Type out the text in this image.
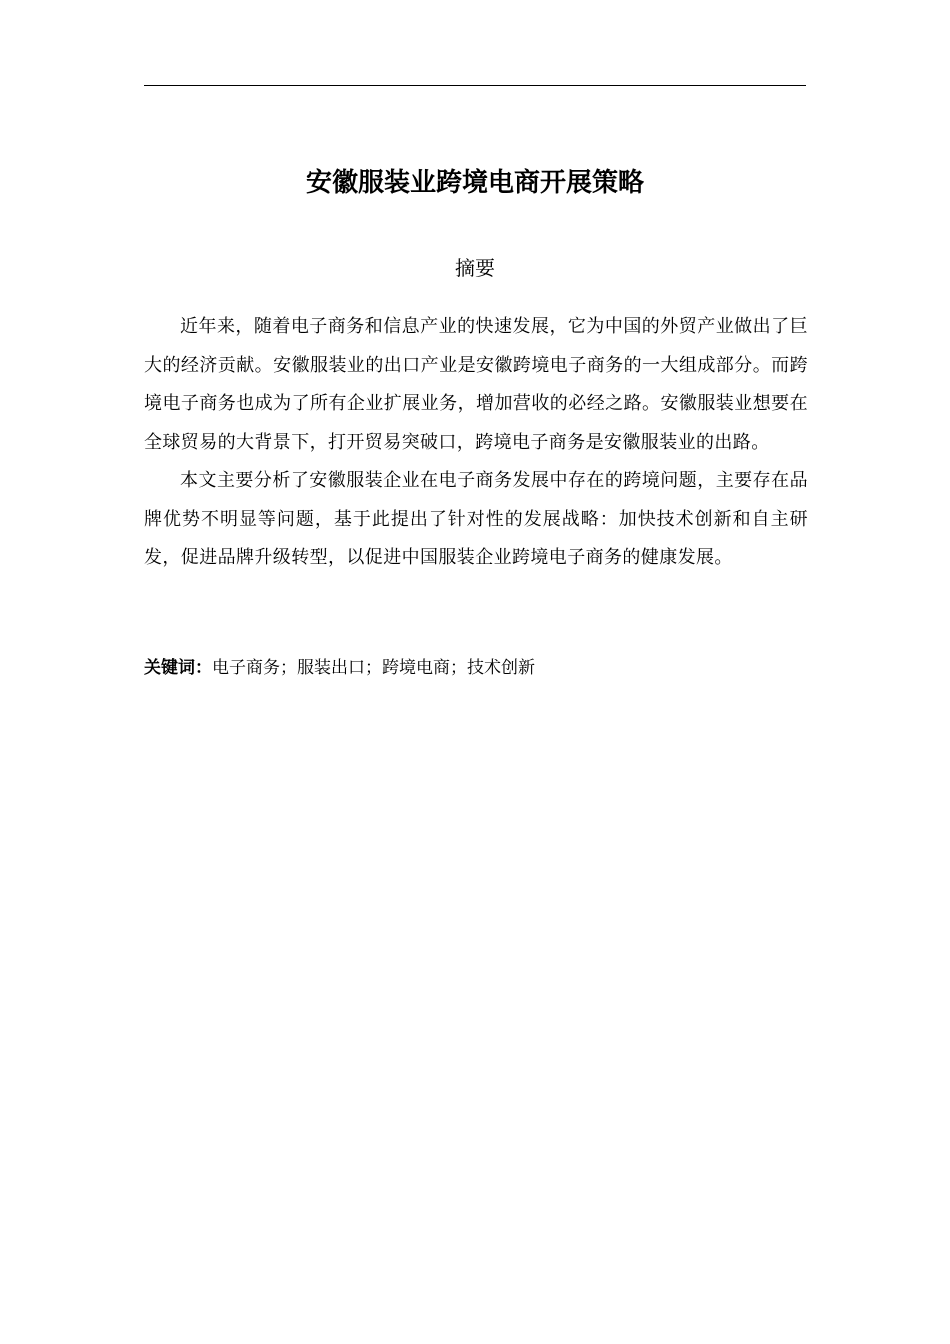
安徽服装业跨境电商开展策略
摘要

近年来，随着电子商务和信息产业的快速发展，它为中国的外贸产业做出了巨大的经济贡献。安徽服装业的出口产业是安徽跨境电子商务的一大组成部分。而跨境电子商务也成为了所有企业扩展业务，增加营收的必经之路。安徽服装业想要在全球贸易的大背景下，打开贸易突破口，跨境电子商务是安徽服装业的出路。

本文主要分析了安徽服装企业在电子商务发展中存在的跨境问题，主要存在品牌优势不明显等问题，基于此提出了针对性的发展战略：加快技术创新和自主研发，促进品牌升级转型，以促进中国服装企业跨境电子商务的健康发展。

关键词：电子商务；服装出口；跨境电商；技术创新
